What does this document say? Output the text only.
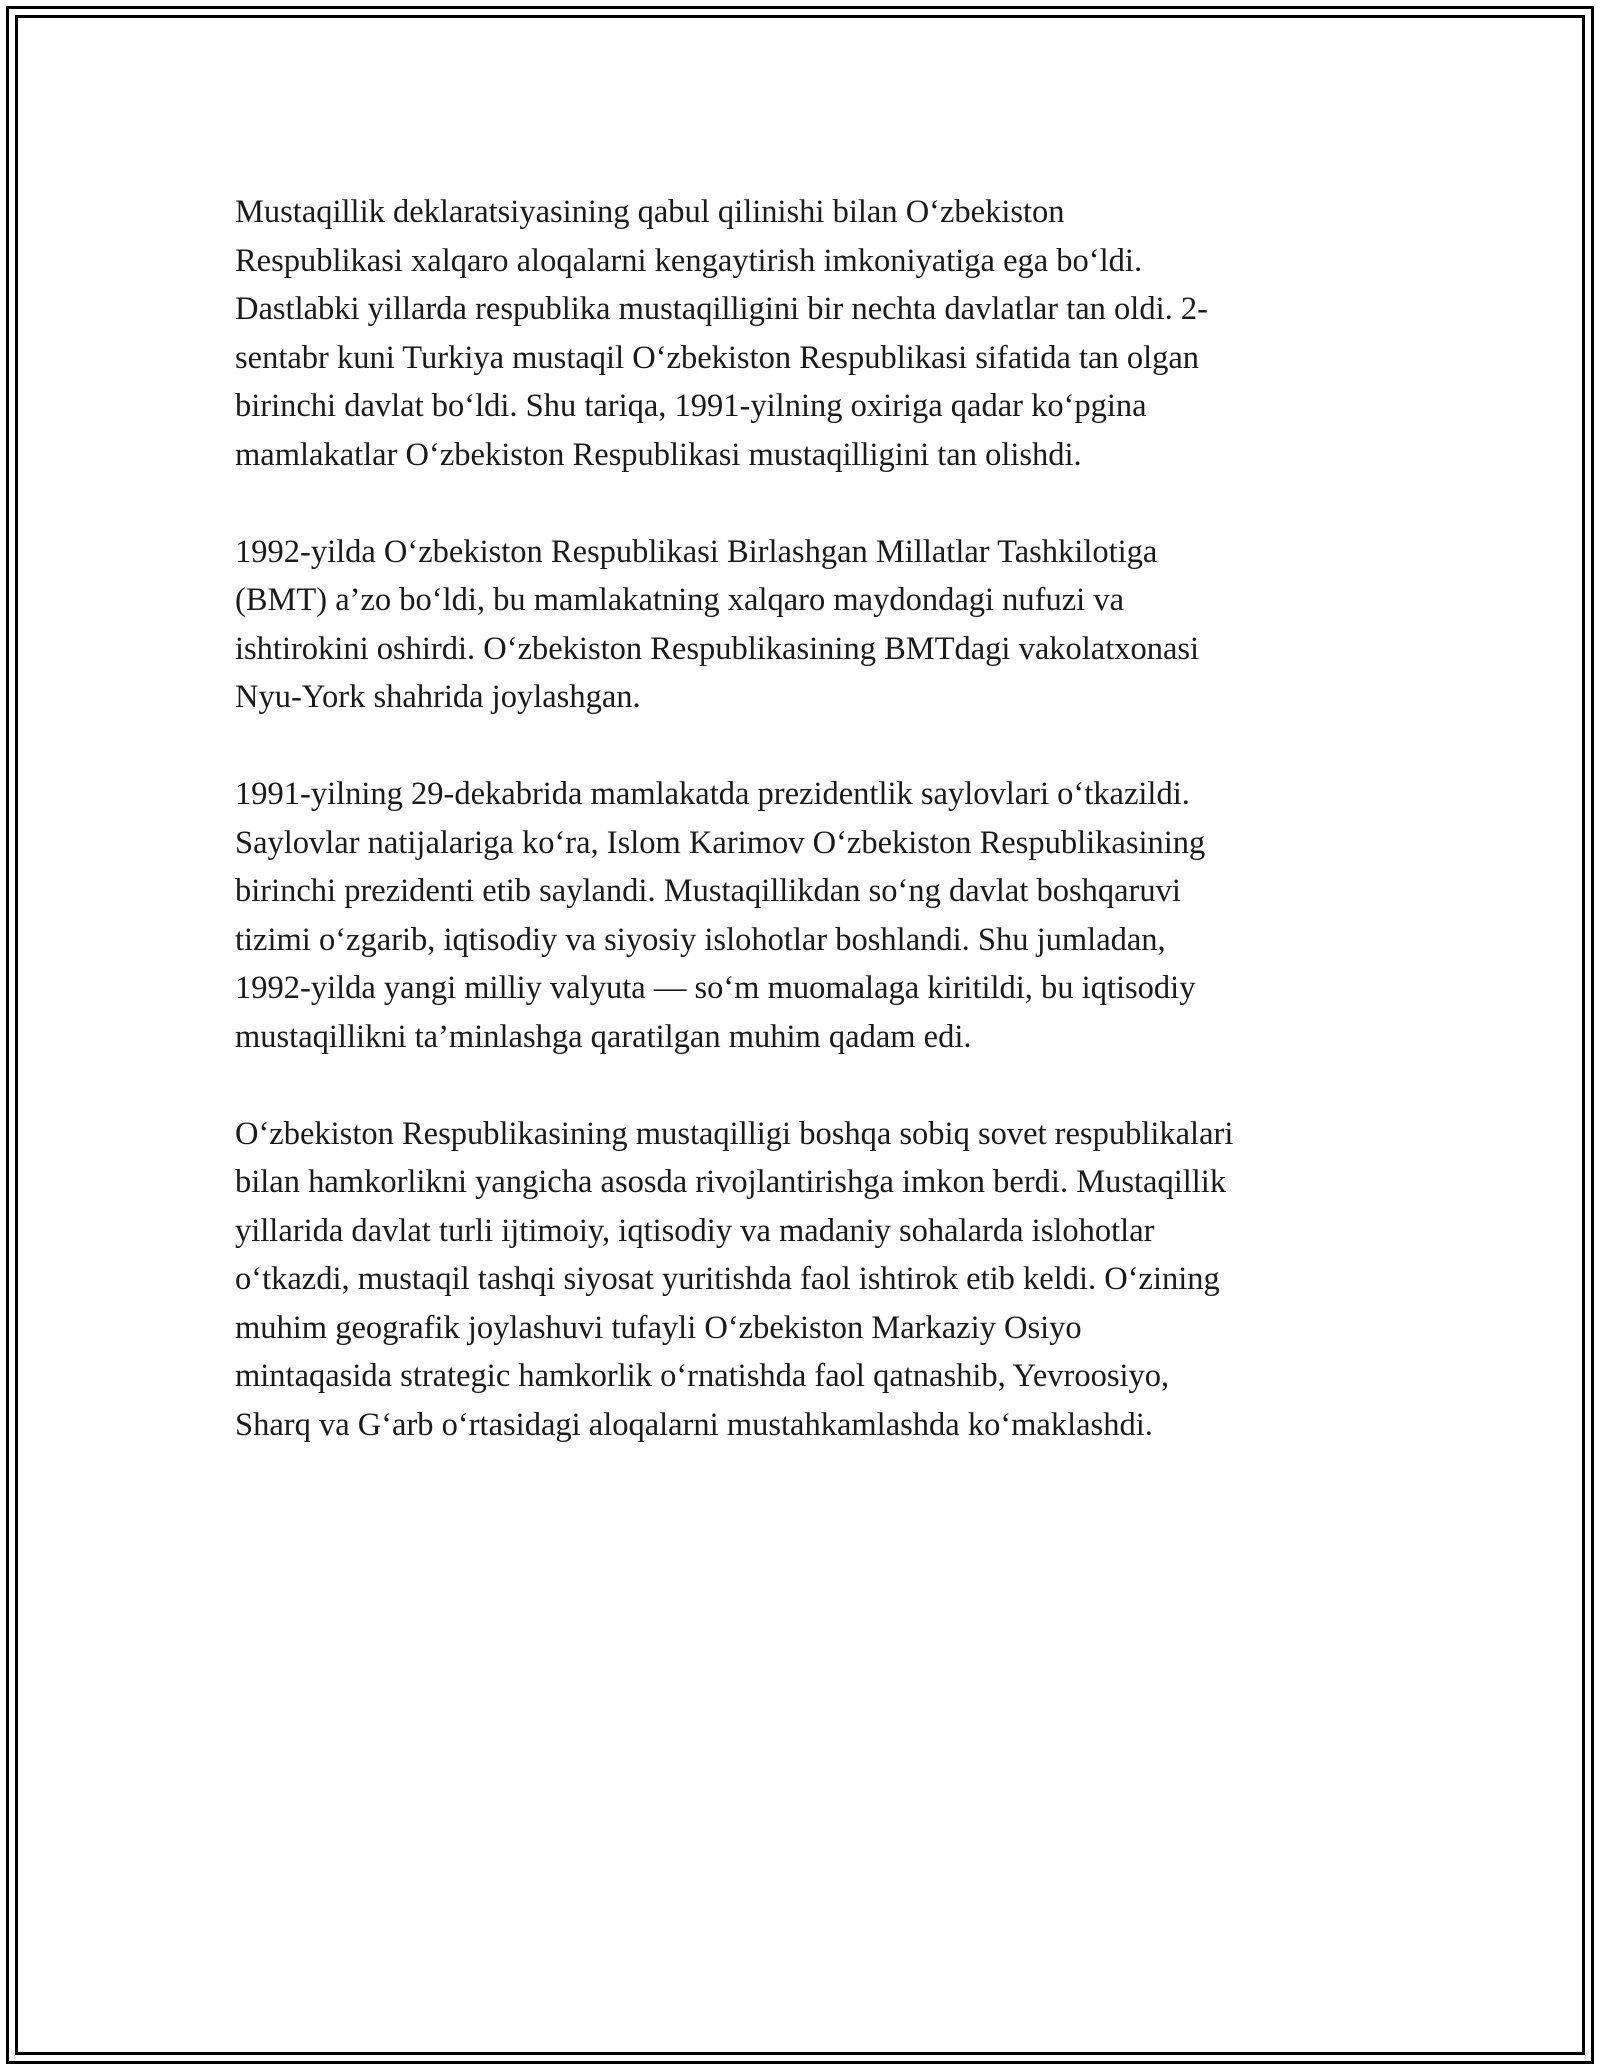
Mustaqillik deklaratsiyasining qabul qilinishi bilan O‘zbekiston
Respublikasi xalqaro aloqalarni kengaytirish imkoniyatiga ega bo‘ldi.
Dastlabki yillarda respublika mustaqilligini bir nechta davlatlar tan oldi. 2-
sentabr kuni Turkiya mustaqil O‘zbekiston Respublikasi sifatida tan olgan
birinchi davlat bo‘ldi. Shu tariqa, 1991-yilning oxiriga qadar ko‘pgina
mamlakatlar O‘zbekiston Respublikasi mustaqilligini tan olishdi.

1992-yilda O‘zbekiston Respublikasi Birlashgan Millatlar Tashkilotiga
(BMT) a’zo bo‘ldi, bu mamlakatning xalqaro maydondagi nufuzi va
ishtirokini oshirdi. O‘zbekiston Respublikasining BMTdagi vakolatxonasi
Nyu-York shahrida joylashgan.

1991-yilning 29-dekabrida mamlakatda prezidentlik saylovlari o‘tkazildi.
Saylovlar natijalariga ko‘ra, Islom Karimov O‘zbekiston Respublikasining
birinchi prezidenti etib saylandi. Mustaqillikdan so‘ng davlat boshqaruvi
tizimi o‘zgarib, iqtisodiy va siyosiy islohotlar boshlandi. Shu jumladan,
1992-yilda yangi milliy valyuta — so‘m muomalaga kiritildi, bu iqtisodiy
mustaqillikni ta’minlashga qaratilgan muhim qadam edi.

O‘zbekiston Respublikasining mustaqilligi boshqa sobiq sovet respublikalari
bilan hamkorlikni yangicha asosda rivojlantirishga imkon berdi. Mustaqillik
yillarida davlat turli ijtimoiy, iqtisodiy va madaniy sohalarda islohotlar
o‘tkazdi, mustaqil tashqi siyosat yuritishda faol ishtirok etib keldi. O‘zining
muhim geografik joylashuvi tufayli O‘zbekiston Markaziy Osiyo
mintaqasida strategic hamkorlik o‘rnatishda faol qatnashib, Yevroosiyo,
Sharq va G‘arb o‘rtasidagi aloqalarni mustahkamlashda ko‘maklashdi.
